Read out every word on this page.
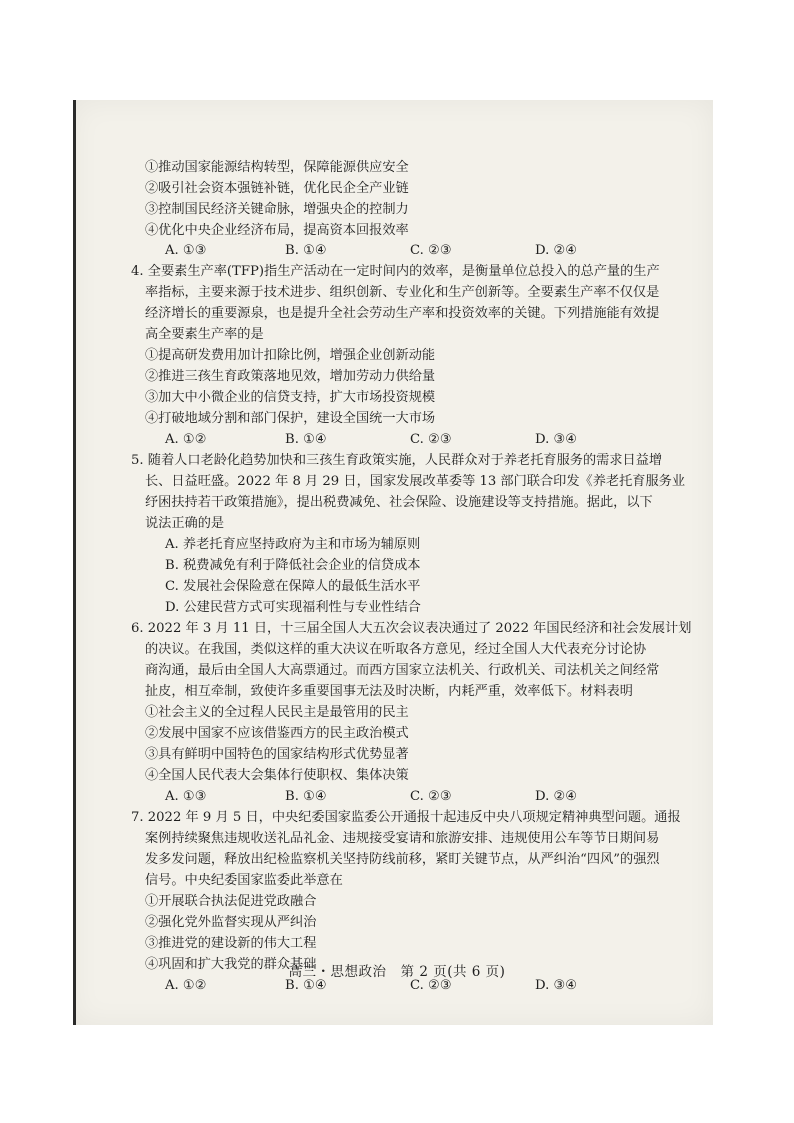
①推动国家能源结构转型，保障能源供应安全
②吸引社会资本强链补链，优化民企全产业链
③控制国民经济关键命脉，增强央企的控制力
④优化中央企业经济布局，提高资本回报效率
A. ①③	B. ①④	C. ②③	D. ②④
4. 全要素生产率(TFP)指生产活动在一定时间内的效率，是衡量单位总投入的总产量的生产
率指标，主要来源于技术进步、组织创新、专业化和生产创新等。全要素生产率不仅仅是
经济增长的重要源泉，也是提升全社会劳动生产率和投资效率的关键。下列措施能有效提
高全要素生产率的是
①提高研发费用加计扣除比例，增强企业创新动能
②推进三孩生育政策落地见效，增加劳动力供给量
③加大中小微企业的信贷支持，扩大市场投资规模
④打破地域分割和部门保护，建设全国统一大市场
A. ①②	B. ①④	C. ②③	D. ③④
5. 随着人口老龄化趋势加快和三孩生育政策实施，人民群众对于养老托育服务的需求日益增
长、日益旺盛。2022 年 8 月 29 日，国家发展改革委等 13 部门联合印发《养老托育服务业
纾困扶持若干政策措施》，提出税费减免、社会保险、设施建设等支持措施。据此，以下
说法正确的是
A. 养老托育应坚持政府为主和市场为辅原则
B. 税费减免有利于降低社会企业的信贷成本
C. 发展社会保险意在保障人的最低生活水平
D. 公建民营方式可实现福利性与专业性结合
6. 2022 年 3 月 11 日，十三届全国人大五次会议表决通过了 2022 年国民经济和社会发展计划
的决议。在我国，类似这样的重大决议在听取各方意见，经过全国人大代表充分讨论协
商沟通，最后由全国人大高票通过。而西方国家立法机关、行政机关、司法机关之间经常
扯皮，相互牵制，致使许多重要国事无法及时决断，内耗严重，效率低下。材料表明
①社会主义的全过程人民民主是最管用的民主
②发展中国家不应该借鉴西方的民主政治模式
③具有鲜明中国特色的国家结构形式优势显著
④全国人民代表大会集体行使职权、集体决策
A. ①③	B. ①④	C. ②③	D. ②④
7. 2022 年 9 月 5 日，中央纪委国家监委公开通报十起违反中央八项规定精神典型问题。通报
案例持续聚焦违规收送礼品礼金、违规接受宴请和旅游安排、违规使用公车等节日期间易
发多发问题，释放出纪检监察机关坚持防线前移，紧盯关键节点，从严纠治“四风”的强烈
信号。中央纪委国家监委此举意在
①开展联合执法促进党政融合
②强化党外监督实现从严纠治
③推进党的建设新的伟大工程
④巩固和扩大我党的群众基础
A. ①②	B. ①④	C. ②③	D. ③④
高三・思想政治　第 2 页(共 6 页)
